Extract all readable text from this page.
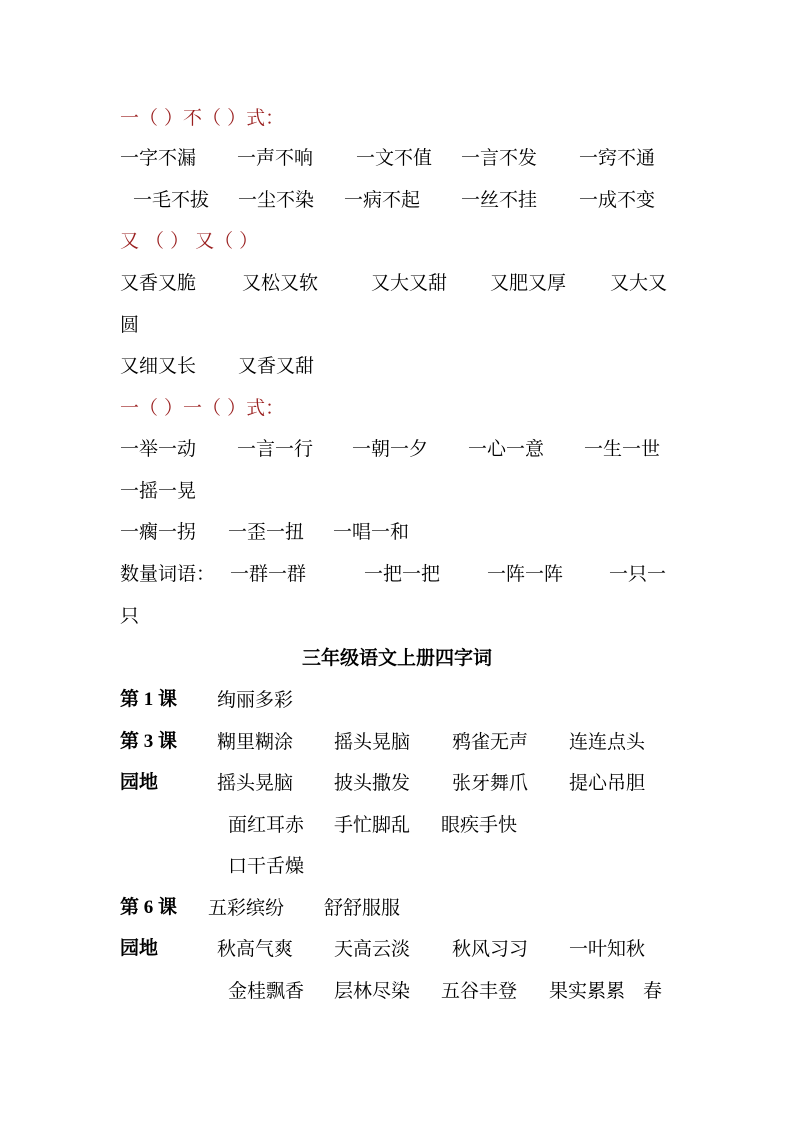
一（ ）不（ ）式：
一字不漏 一声不响 一文不值 一言不发 一窍不通
一毛不拔 一尘不染 一病不起 一丝不挂 一成不变
又 （ ） 又（ ）
又香又脆 又松又软	又大又甜 又肥又厚 又大又
圆
又细又长 又香又甜
一（ ）一（ ）式：
一举一动 一言一行 一朝一夕 一心一意 一生一世
一摇一晃
一瘸一拐 一歪一扭 一唱一和
数量词语： 一群一群	一把一把 一阵一阵 一只一
只
三年级语文上册四字词
第 1 课 绚丽多彩
第 3 课 糊里糊涂 摇头晃脑 鸦雀无声 连连点头
园地	摇头晃脑 披头撒发 张牙舞爪 提心吊胆
面红耳赤 手忙脚乱 眼疾手快
口干舌燥
第 6 课 五彩缤纷 舒舒服服
园地	秋高气爽 天高云淡 秋风习习 一叶知秋
金桂飘香 层林尽染 五谷丰登 果实累累 春
